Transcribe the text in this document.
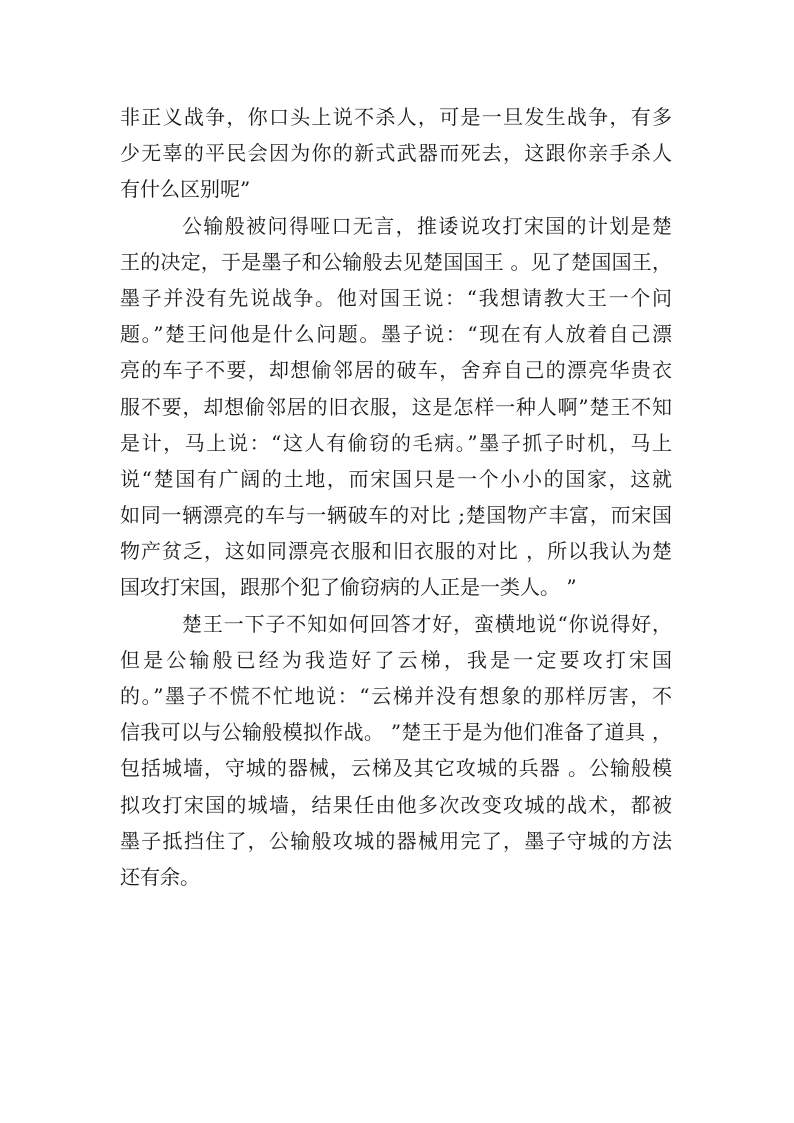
非正义战争，你口头上说不杀人，可是一旦发生战争，有多
少无辜的平民会因为你的新式武器而死去，这跟你亲手杀人
有什么区别呢”
公输般被问得哑口无言，推诿说攻打宋国的计划是楚
王的决定，于是墨子和公输般去见楚国国王 。见了楚国国王，
墨子并没有先说战争。他对国王说：“我想请教大王一个问
题。”楚王问他是什么问题。墨子说：“现在有人放着自己漂
亮的车子不要，却想偷邻居的破车，舍弃自己的漂亮华贵衣
服不要，却想偷邻居的旧衣服，这是怎样一种人啊”楚王不知
是计，马上说：“这人有偷窃的毛病。”墨子抓子时机，马上
说“楚国有广阔的土地，而宋国只是一个小小的国家，这就
如同一辆漂亮的车与一辆破车的对比 ;楚国物产丰富，而宋国
物产贫乏，这如同漂亮衣服和旧衣服的对比 ，所以我认为楚
国攻打宋国，跟那个犯了偷窃病的人正是一类人。 ”
楚王一下子不知如何回答才好，蛮横地说“你说得好，
但是公输般已经为我造好了云梯，我是一定要攻打宋国
的。”墨子不慌不忙地说：“云梯并没有想象的那样厉害，不
信我可以与公输般模拟作战。 ”楚王于是为他们准备了道具 ，
包括城墙，守城的器械，云梯及其它攻城的兵器 。公输般模
拟攻打宋国的城墙，结果任由他多次改变攻城的战术，都被
墨子抵挡住了，公输般攻城的器械用完了，墨子守城的方法
还有余。
